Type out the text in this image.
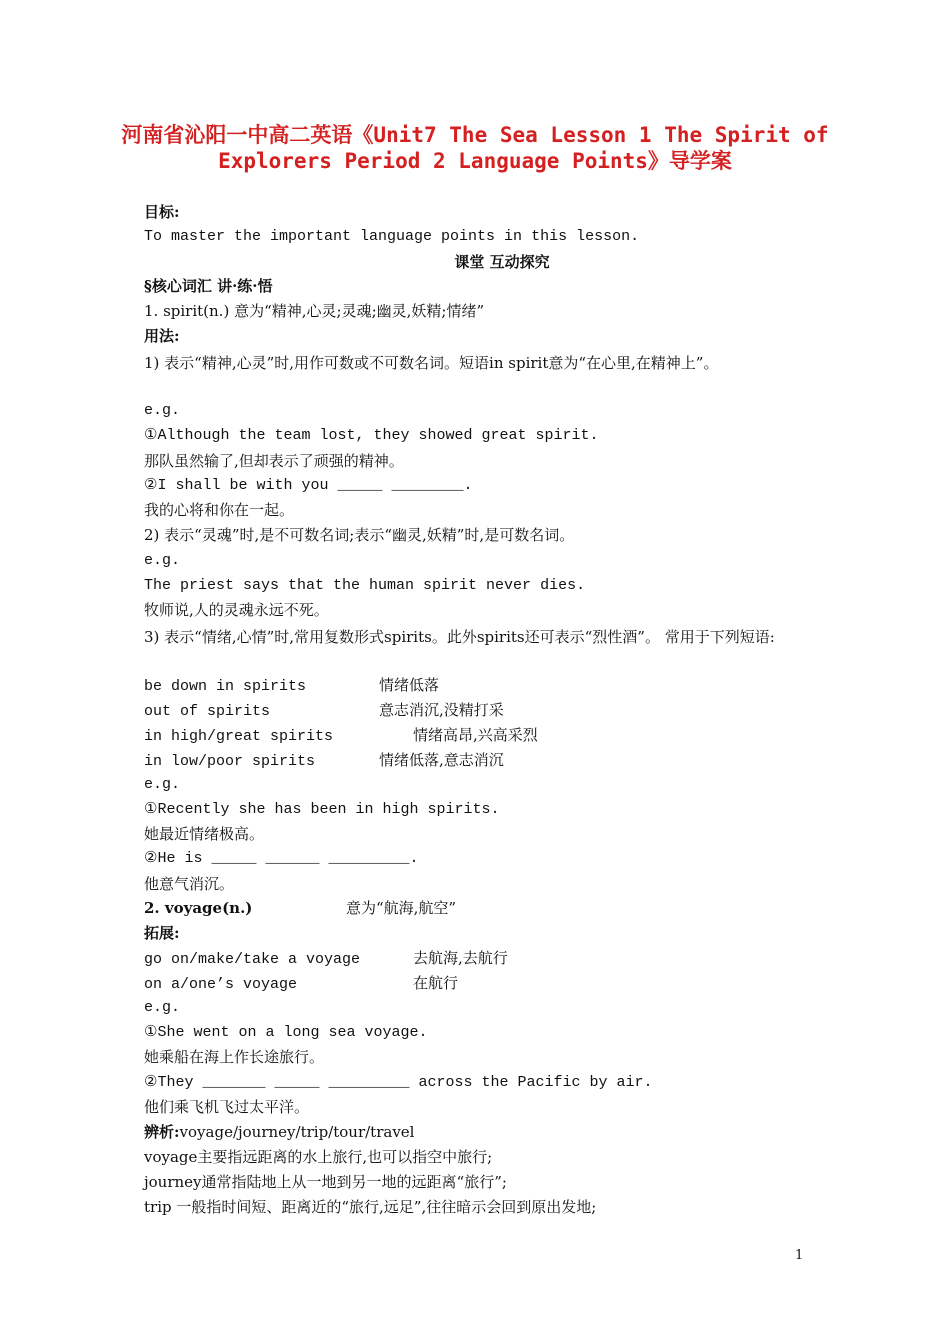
河南省沁阳一中高二英语《Unit7 The Sea Lesson 1 The Spirit of Explorers Period 2 Language Points》导学案
目标:
To master the important language points in this lesson.
课堂 互动探究
§核心词汇 讲·练·悟
1. spirit(n.) 意为“精神,心灵;灵魂;幽灵,妖精;情绪”
用法:
1) 表示“精神,心灵”时,用作可数或不可数名词。短语in spirit意为“在心里,在精神上”。
e.g.
①Although the team lost, they showed great spirit.
那队虽然输了,但却表示了顽强的精神。
②I shall be with you _____ ________.
我的心将和你在一起。
2) 表示“灵魂”时,是不可数名词;表示“幽灵,妖精”时,是可数名词。
e.g.
The priest says that the human spirit never dies.
牧师说,人的灵魂永远不死。
3) 表示“情绪,心情”时,常用复数形式spirits。此外spirits还可表示“烈性酒”。 常用于下列短语:
be down in spirits	情绪低落
out of spirits	意志消沉,没精打采
in high/great spirits	情绪高昂,兴高采烈
in low/poor spirits	情绪低落,意志消沉
e.g.
①Recently she has been in high spirits.
她最近情绪极高。
②He is _____ ______ _________.
他意气消沉。
2. voyage(n.)	意为“航海,航空”
拓展:
go on/make/take a voyage	去航海,去航行
on a/one’s voyage	在航行
e.g.
①She went on a long sea voyage.
她乘船在海上作长途旅行。
②They _______ _____ _________ across the Pacific by air.
他们乘飞机飞过太平洋。
辨析:voyage/journey/trip/tour/travel
voyage主要指远距离的水上旅行,也可以指空中旅行;
journey通常指陆地上从一地到另一地的远距离“旅行”;
trip 一般指时间短、距离近的“旅行,远足”,往往暗示会回到原出发地;
1
